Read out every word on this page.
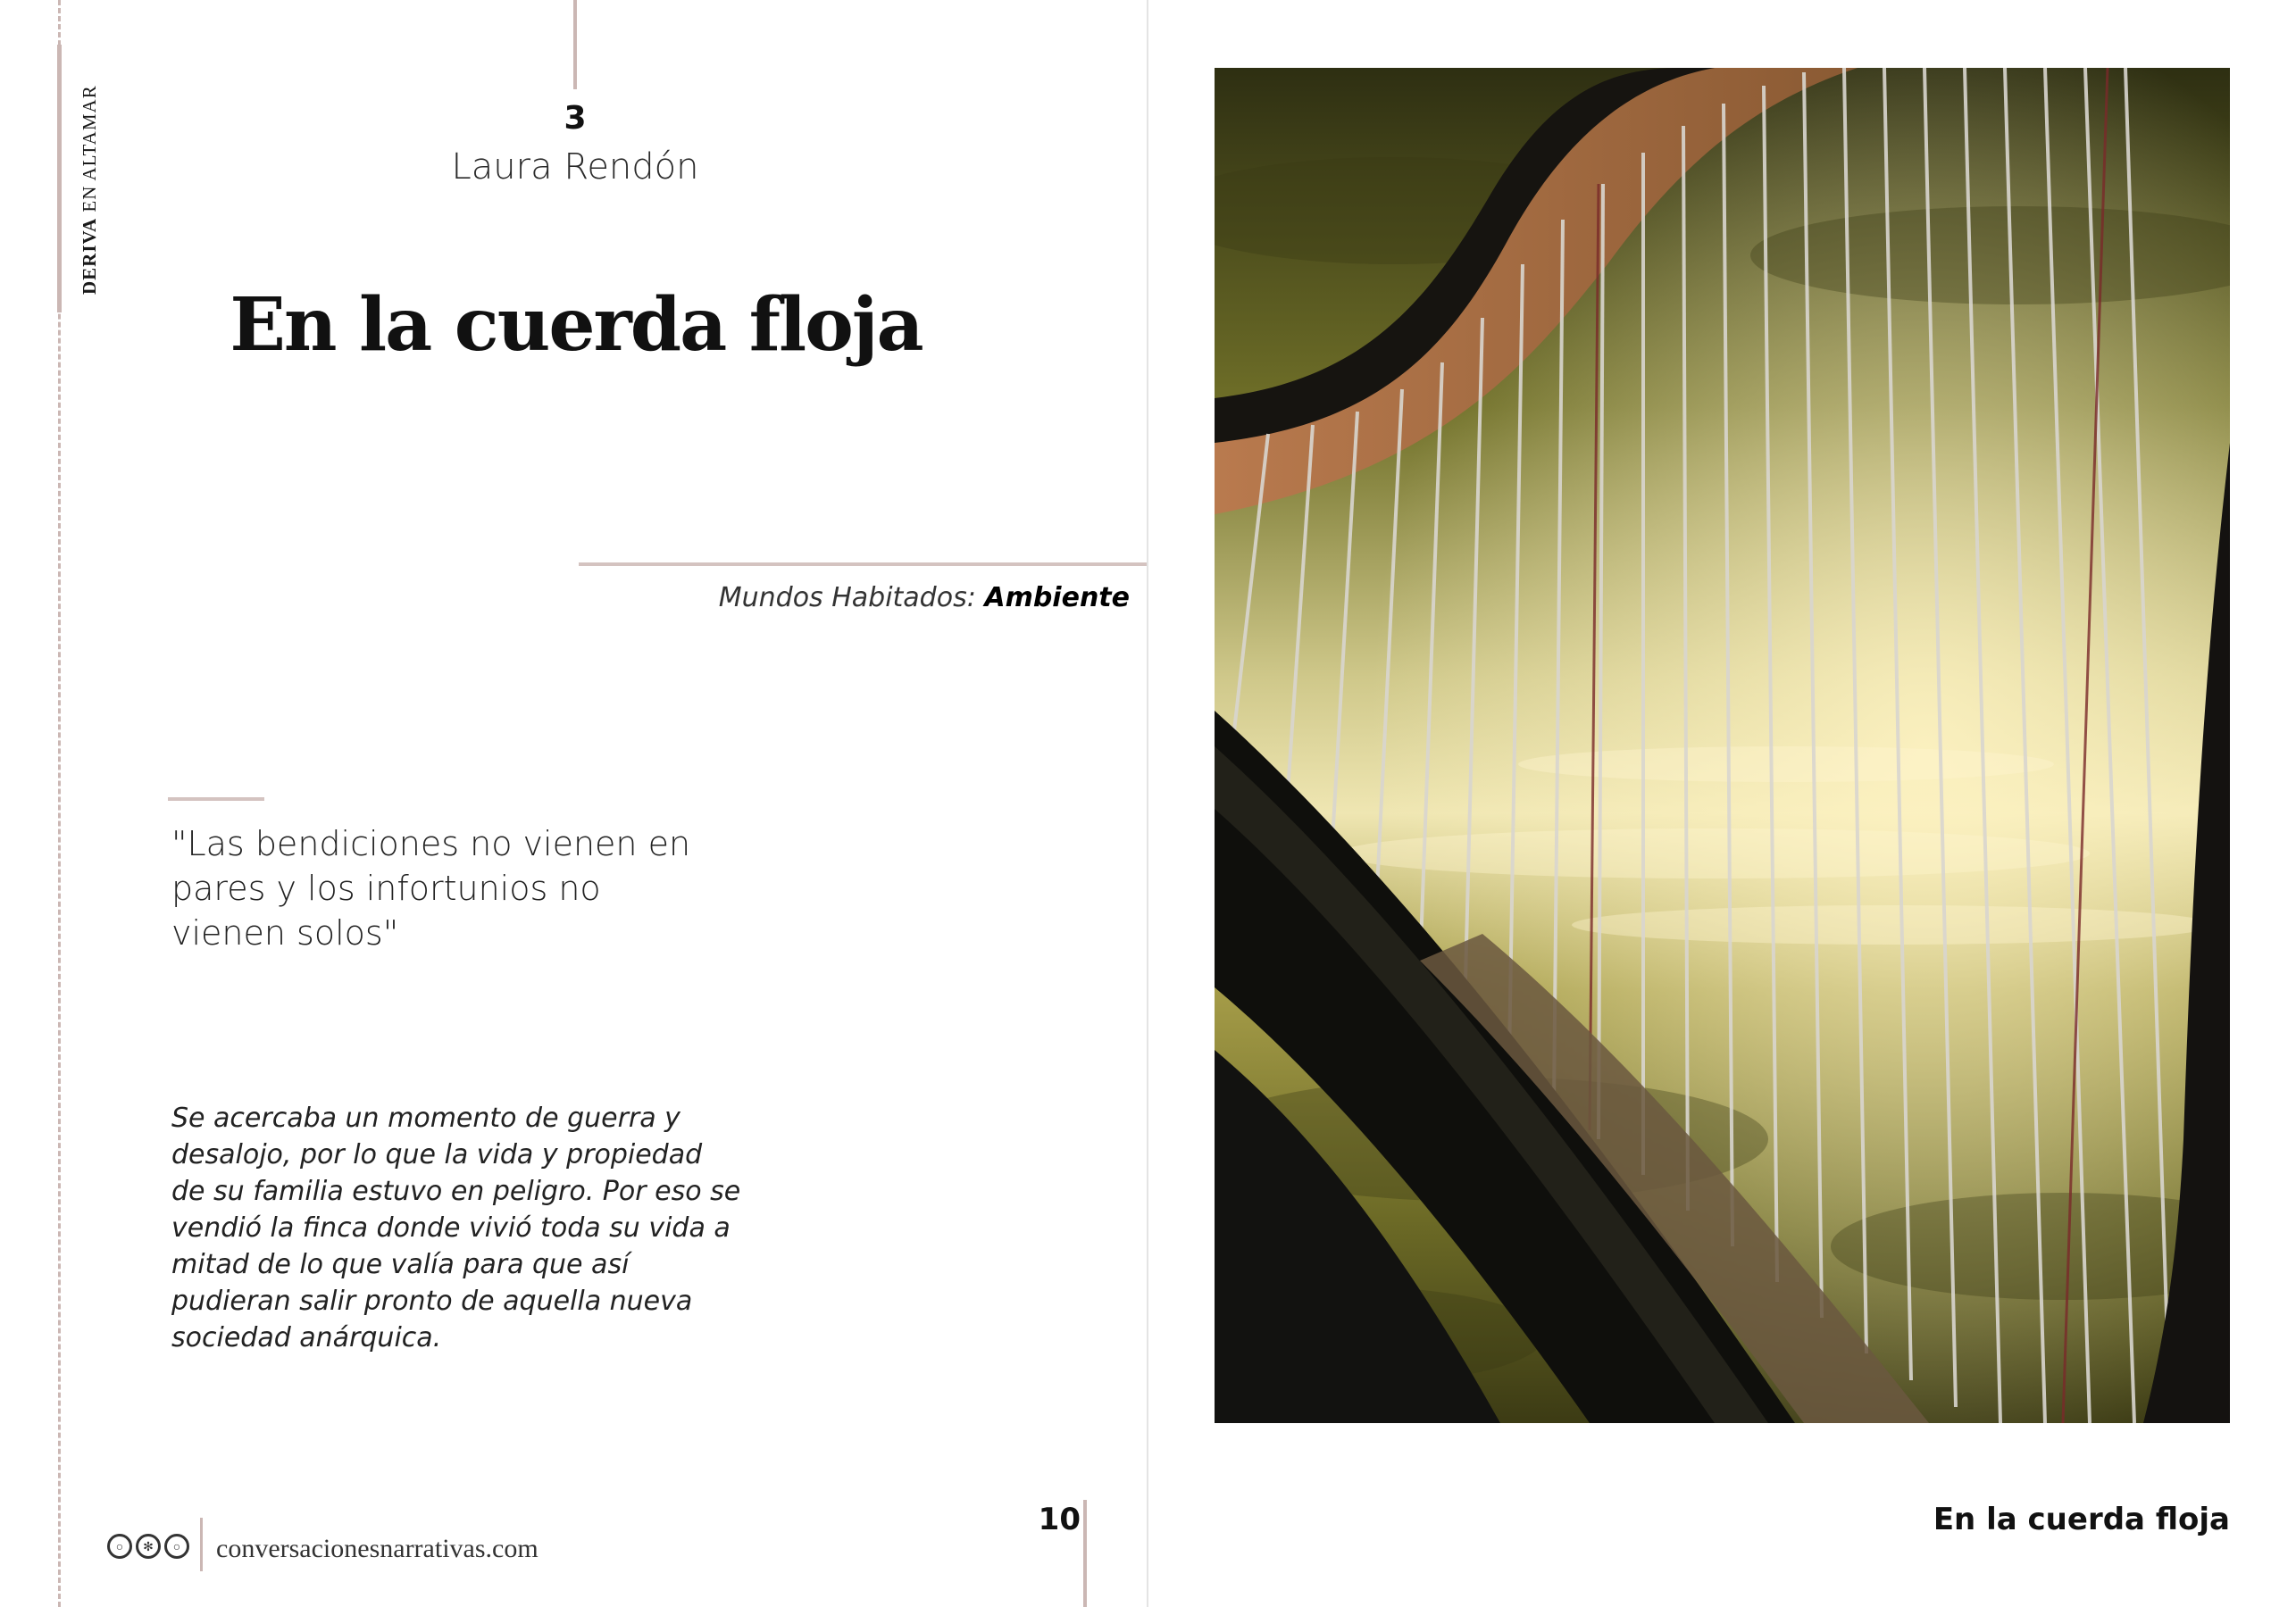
DERIVA EN ALTAMAR	3
Laura Rendón
En la cuerda floja
Mundos Habitados: Ambiente
"Las bendiciones no vienen en pares y los infortunios no vienen solos"
Se acercaba un momento de guerra y desalojo, por lo que la vida y propiedad de su familia estuvo en peligro. Por eso se vendió la finca donde vivió toda su vida a mitad de lo que valía para que así pudieran salir pronto de aquella nueva sociedad anárquica.
○	✻	○	conversacionesnarrativas.com
10	En la cuerda floja
